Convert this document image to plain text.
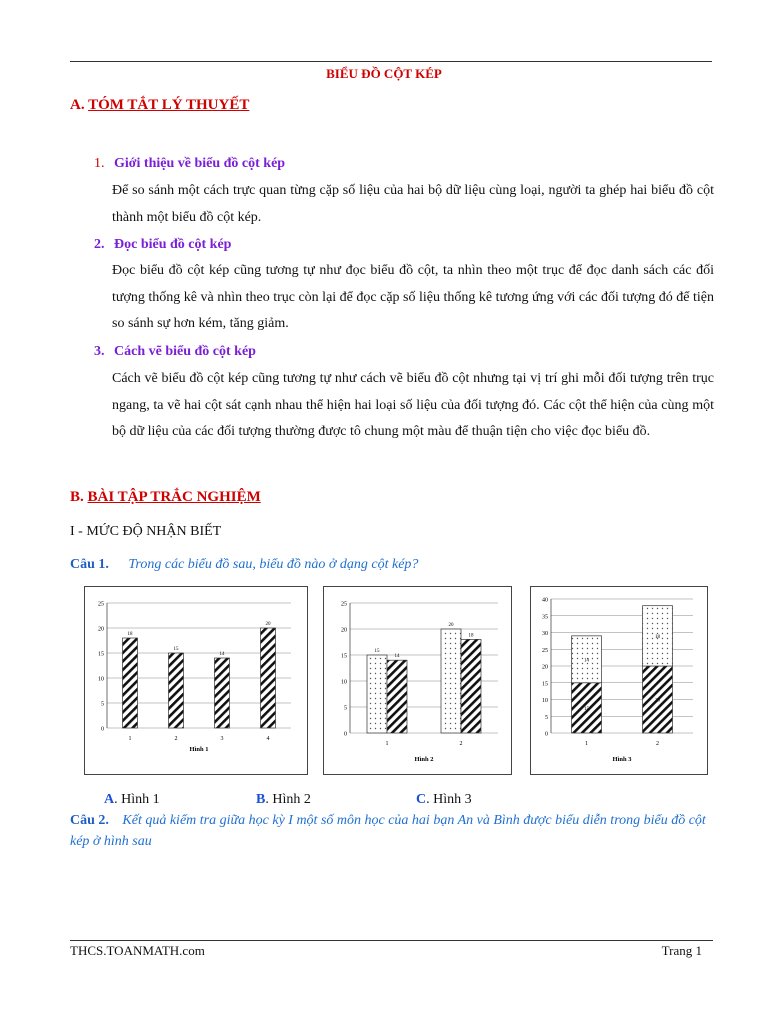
BIỂU ĐỒ CỘT KÉP
A. TÓM TẮT LÝ THUYẾT
1. Giới thiệu về biểu đồ cột kép
Để so sánh một cách trực quan từng cặp số liệu của hai bộ dữ liệu cùng loại, người ta ghép hai biểu đồ cột thành một biểu đồ cột kép.
2. Đọc biểu đồ cột kép
Đọc biểu đồ cột kép cũng tương tự như đọc biểu đồ cột, ta nhìn theo một trục để đọc danh sách các đối tượng thống kê và nhìn theo trục còn lại để đọc cặp số liệu thống kê tương ứng với các đối tượng đó để tiện so sánh sự hơn kém, tăng giảm.
3. Cách vẽ biểu đồ cột kép
Cách vẽ biểu đồ cột kép cũng tương tự như cách vẽ biểu đồ cột nhưng tại vị trí ghi mỗi đối tượng trên trục ngang, ta vẽ hai cột sát cạnh nhau thể hiện hai loại số liệu của đối tượng đó. Các cột thể hiện của cùng một bộ dữ liệu của các đối tượng thường được tô chung một màu để thuận tiện cho việc đọc biểu đồ.
B. BÀI TẬP TRẮC NGHIỆM
I - MỨC ĐỘ NHẬN BIẾT
Câu 1. Trong các biểu đồ sau, biểu đồ nào ở dạng cột kép?
0
5
10
15
20
25
1
18
2
15
3
14
4
20
Hình 1
0
5
10
15
20
25
1
15
14
2
20
18
Hình 2
0
5
10
15
20
25
30
35
40
1
15
14
2
20
18
Hình 3
A. Hình 1	B. Hình 2	C. Hình 3
Câu 2. Kết quả kiểm tra giữa học kỳ I một số môn học của hai bạn An và Bình được biểu diễn trong biểu đồ cột kép ở hình sau
THCS.TOANMATH.com	Trang 1
